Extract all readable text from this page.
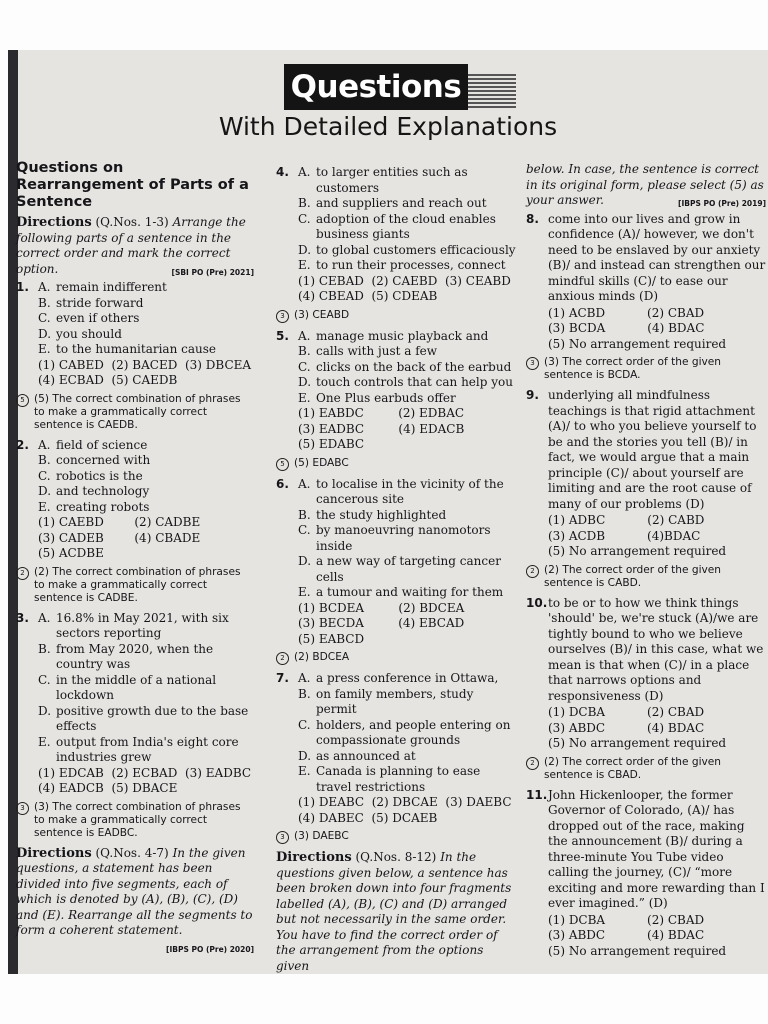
Questions
With Detailed Explanations
Questions on Rearrangement of Parts of a Sentence
Directions (Q.Nos. 1-3) Arrange the following parts of a sentence in the correct order and mark the correct option.	[SBI PO (Pre) 2021]
1. A. remain indifferent
B. stride forward
C. even if others
D. you should
E. to the humanitarian cause
(1) CABED  (2) BACED  (3) DBCEA
(4) ECBAD  (5) CAEDB
5 (5) The correct combination of phrases to make a grammatically correct sentence is CAEDB.
2. A. field of science
B. concerned with
C. robotics is the
D. and technology
E. creating robots
(1) CAEBD        (2) CADBE
(3) CADEB        (4) CBADE
(5) ACDBE
2 (2) The correct combination of phrases to make a grammatically correct sentence is CADBE.
3. A. 16.8% in May 2021, with six sectors reporting
B. from May 2020, when the country was
C. in the middle of a national lockdown
D. positive growth due to the base effects
E. output from India's eight core industries grew
(1) EDCAB  (2) ECBAD  (3) EADBC
(4) EADCB  (5) DBACE
3 (3) The correct combination of phrases to make a grammatically correct sentence is EADBC.
Directions (Q.Nos. 4-7) In the given questions, a statement has been divided into five segments, each of which is denoted by (A), (B), (C), (D) and (E). Rearrange all the segments to form a coherent statement.
[IBPS PO (Pre) 2020]
4. A. to larger entities such as customers
B. and suppliers and reach out
C. adoption of the cloud enables business giants
D. to global customers efficaciously
E. to run their processes, connect
(1) CEBAD  (2) CAEBD  (3) CEABD
(4) CBEAD  (5) CDEAB
3 (3) CEABD
5. A. manage music playback and
B. calls with just a few
C. clicks on the back of the earbud
D. touch controls that can help you
E. One Plus earbuds offer
(1) EABDC         (2) EDBAC
(3) EADBC         (4) EDACB
(5) EDABC
5 (5) EDABC
6. A. to localise in the vicinity of the cancerous site
B. the study highlighted
C. by manoeuvring nanomotors inside
D. a new way of targeting cancer cells
E. a tumour and waiting for them
(1) BCDEA         (2) BDCEA
(3) BECDA         (4) EBCAD
(5) EABCD
2 (2) BDCEA
7. A. a press conference in Ottawa,
B. on family members, study permit
C. holders, and people entering on compassionate grounds
D. as announced at
E. Canada is planning to ease travel restrictions
(1) DEABC  (2) DBCAE  (3) DAEBC
(4) DABEC  (5) DCAEB
3 (3) DAEBC
Directions (Q.Nos. 8-12) In the questions given below, a sentence has been broken down into four fragments labelled (A), (B), (C) and (D) arranged but not necessarily in the same order. You have to find the correct order of the arrangement from the options given
below. In case, the sentence is correct in its original form, please select (5) as your answer.	[IBPS PO (Pre) 2019]
8. come into our lives and grow in confidence (A)/ however, we don't need to be enslaved by our anxiety (B)/ and instead can strengthen our mindful skills (C)/ to ease our anxious minds (D)
(1) ACBD           (2) CBAD
(3) BCDA           (4) BDAC
(5) No arrangement required
3 (3) The correct order of the given sentence is BCDA.
9. underlying all mindfulness teachings is that rigid attachment (A)/ to who you believe yourself to be and the stories you tell (B)/ in fact, we would argue that a main principle (C)/ about yourself are limiting and are the root cause of many of our problems (D)
(1) ADBC           (2) CABD
(3) ACDB           (4)BDAC
(5) No arrangement required
2 (2) The correct order of the given sentence is CABD.
10. to be or to how we think things 'should' be, we're stuck (A)/we are tightly bound to who we believe ourselves (B)/ in this case, what we mean is that when (C)/ in a place that narrows options and responsiveness (D)
(1) DCBA           (2) CBAD
(3) ABDC           (4) BDAC
(5) No arrangement required
2 (2) The correct order of the given sentence is CBAD.
11. John Hickenlooper, the former Governor of Colorado, (A)/ has dropped out of the race, making the announcement (B)/ during a three-minute You Tube video calling the journey, (C)/ “more exciting and more rewarding than I ever imagined.” (D)
(1) DCBA           (2) CBAD
(3) ABDC           (4) BDAC
(5) No arrangement required
